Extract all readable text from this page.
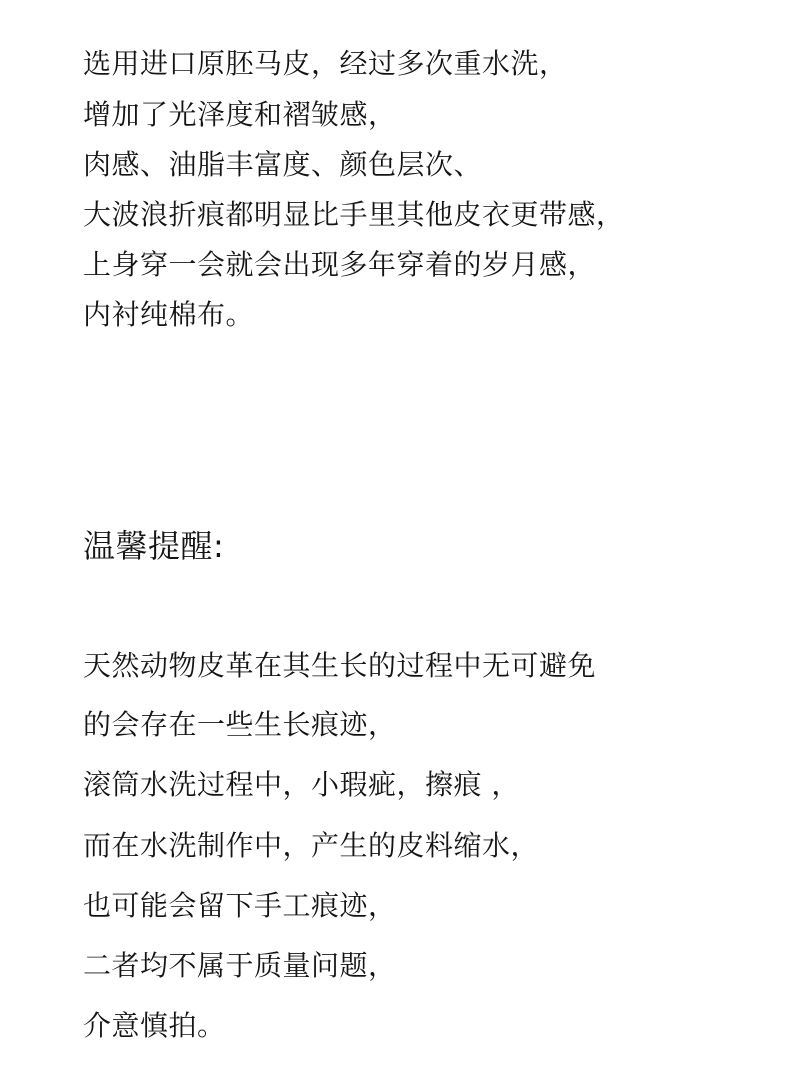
选用进口原胚马皮，经过多次重水洗，
增加了光泽度和褶皱感，
肉感、油脂丰富度、颜色层次、
大波浪折痕都明显比手里其他皮衣更带感，
上身穿一会就会出现多年穿着的岁月感，
内衬纯棉布。
温馨提醒:
天然动物皮革在其生长的过程中无可避免
的会存在一些生长痕迹，
滚筒水洗过程中，小瑕疵，擦痕 ，
而在水洗制作中，产生的皮料缩水，
也可能会留下手工痕迹，
二者均不属于质量问题，
介意慎拍。
